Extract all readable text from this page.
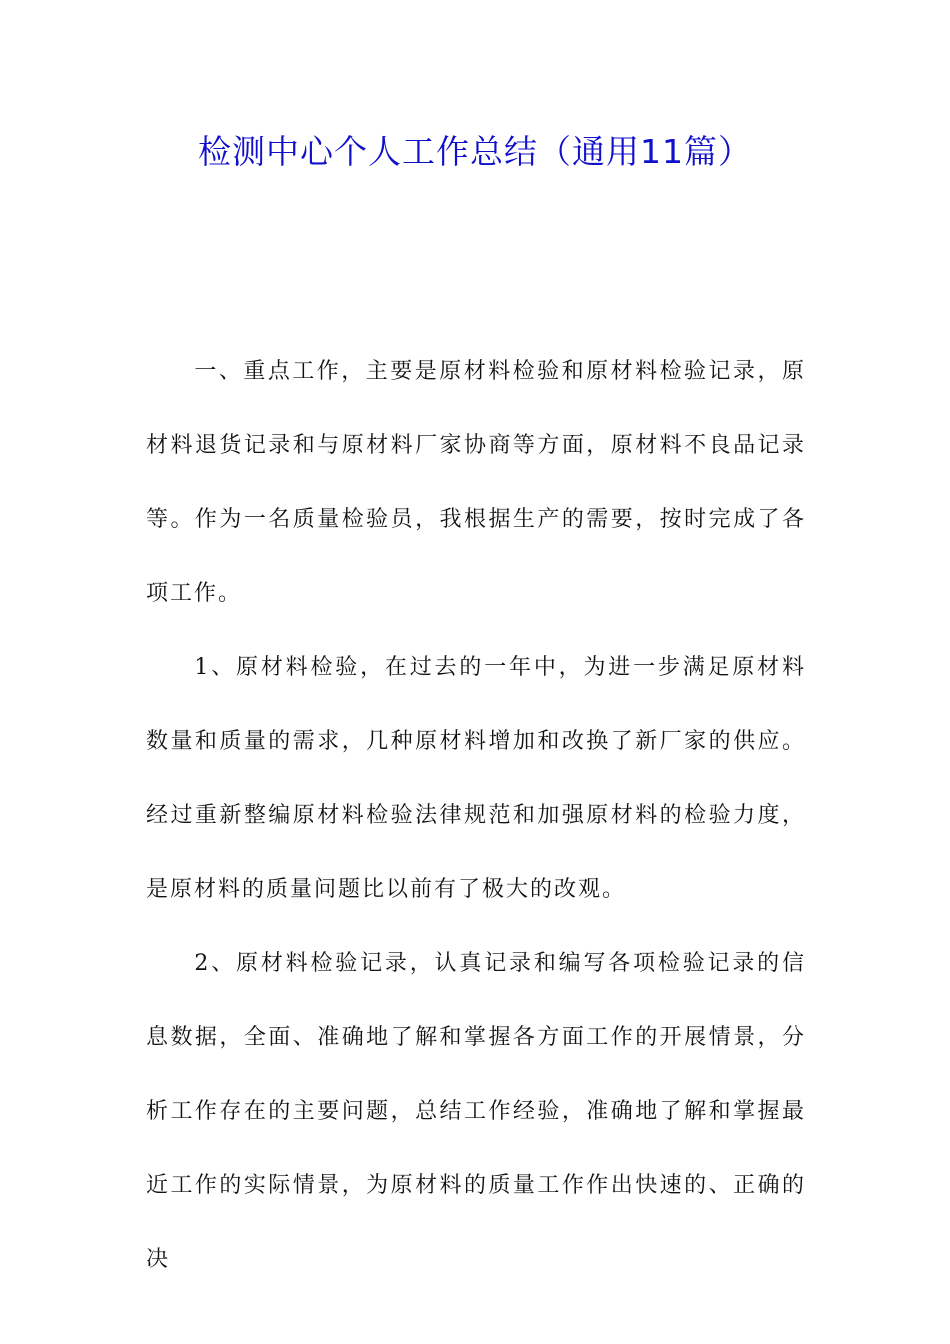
检测中心个人工作总结（通用11篇）

一、重点工作，主要是原材料检验和原材料检验记录，原材料退货记录和与原材料厂家协商等方面，原材料不良品记录等。作为一名质量检验员，我根据生产的需要，按时完成了各项工作。

1、原材料检验，在过去的一年中，为进一步满足原材料数量和质量的需求，几种原材料增加和改换了新厂家的供应。经过重新整编原材料检验法律规范和加强原材料的检验力度，是原材料的质量问题比以前有了极大的改观。

2、原材料检验记录，认真记录和编写各项检验记录的信息数据，全面、准确地了解和掌握各方面工作的开展情景，分析工作存在的主要问题，总结工作经验，准确地了解和掌握最近工作的实际情景，为原材料的质量工作作出快速的、正确的决
